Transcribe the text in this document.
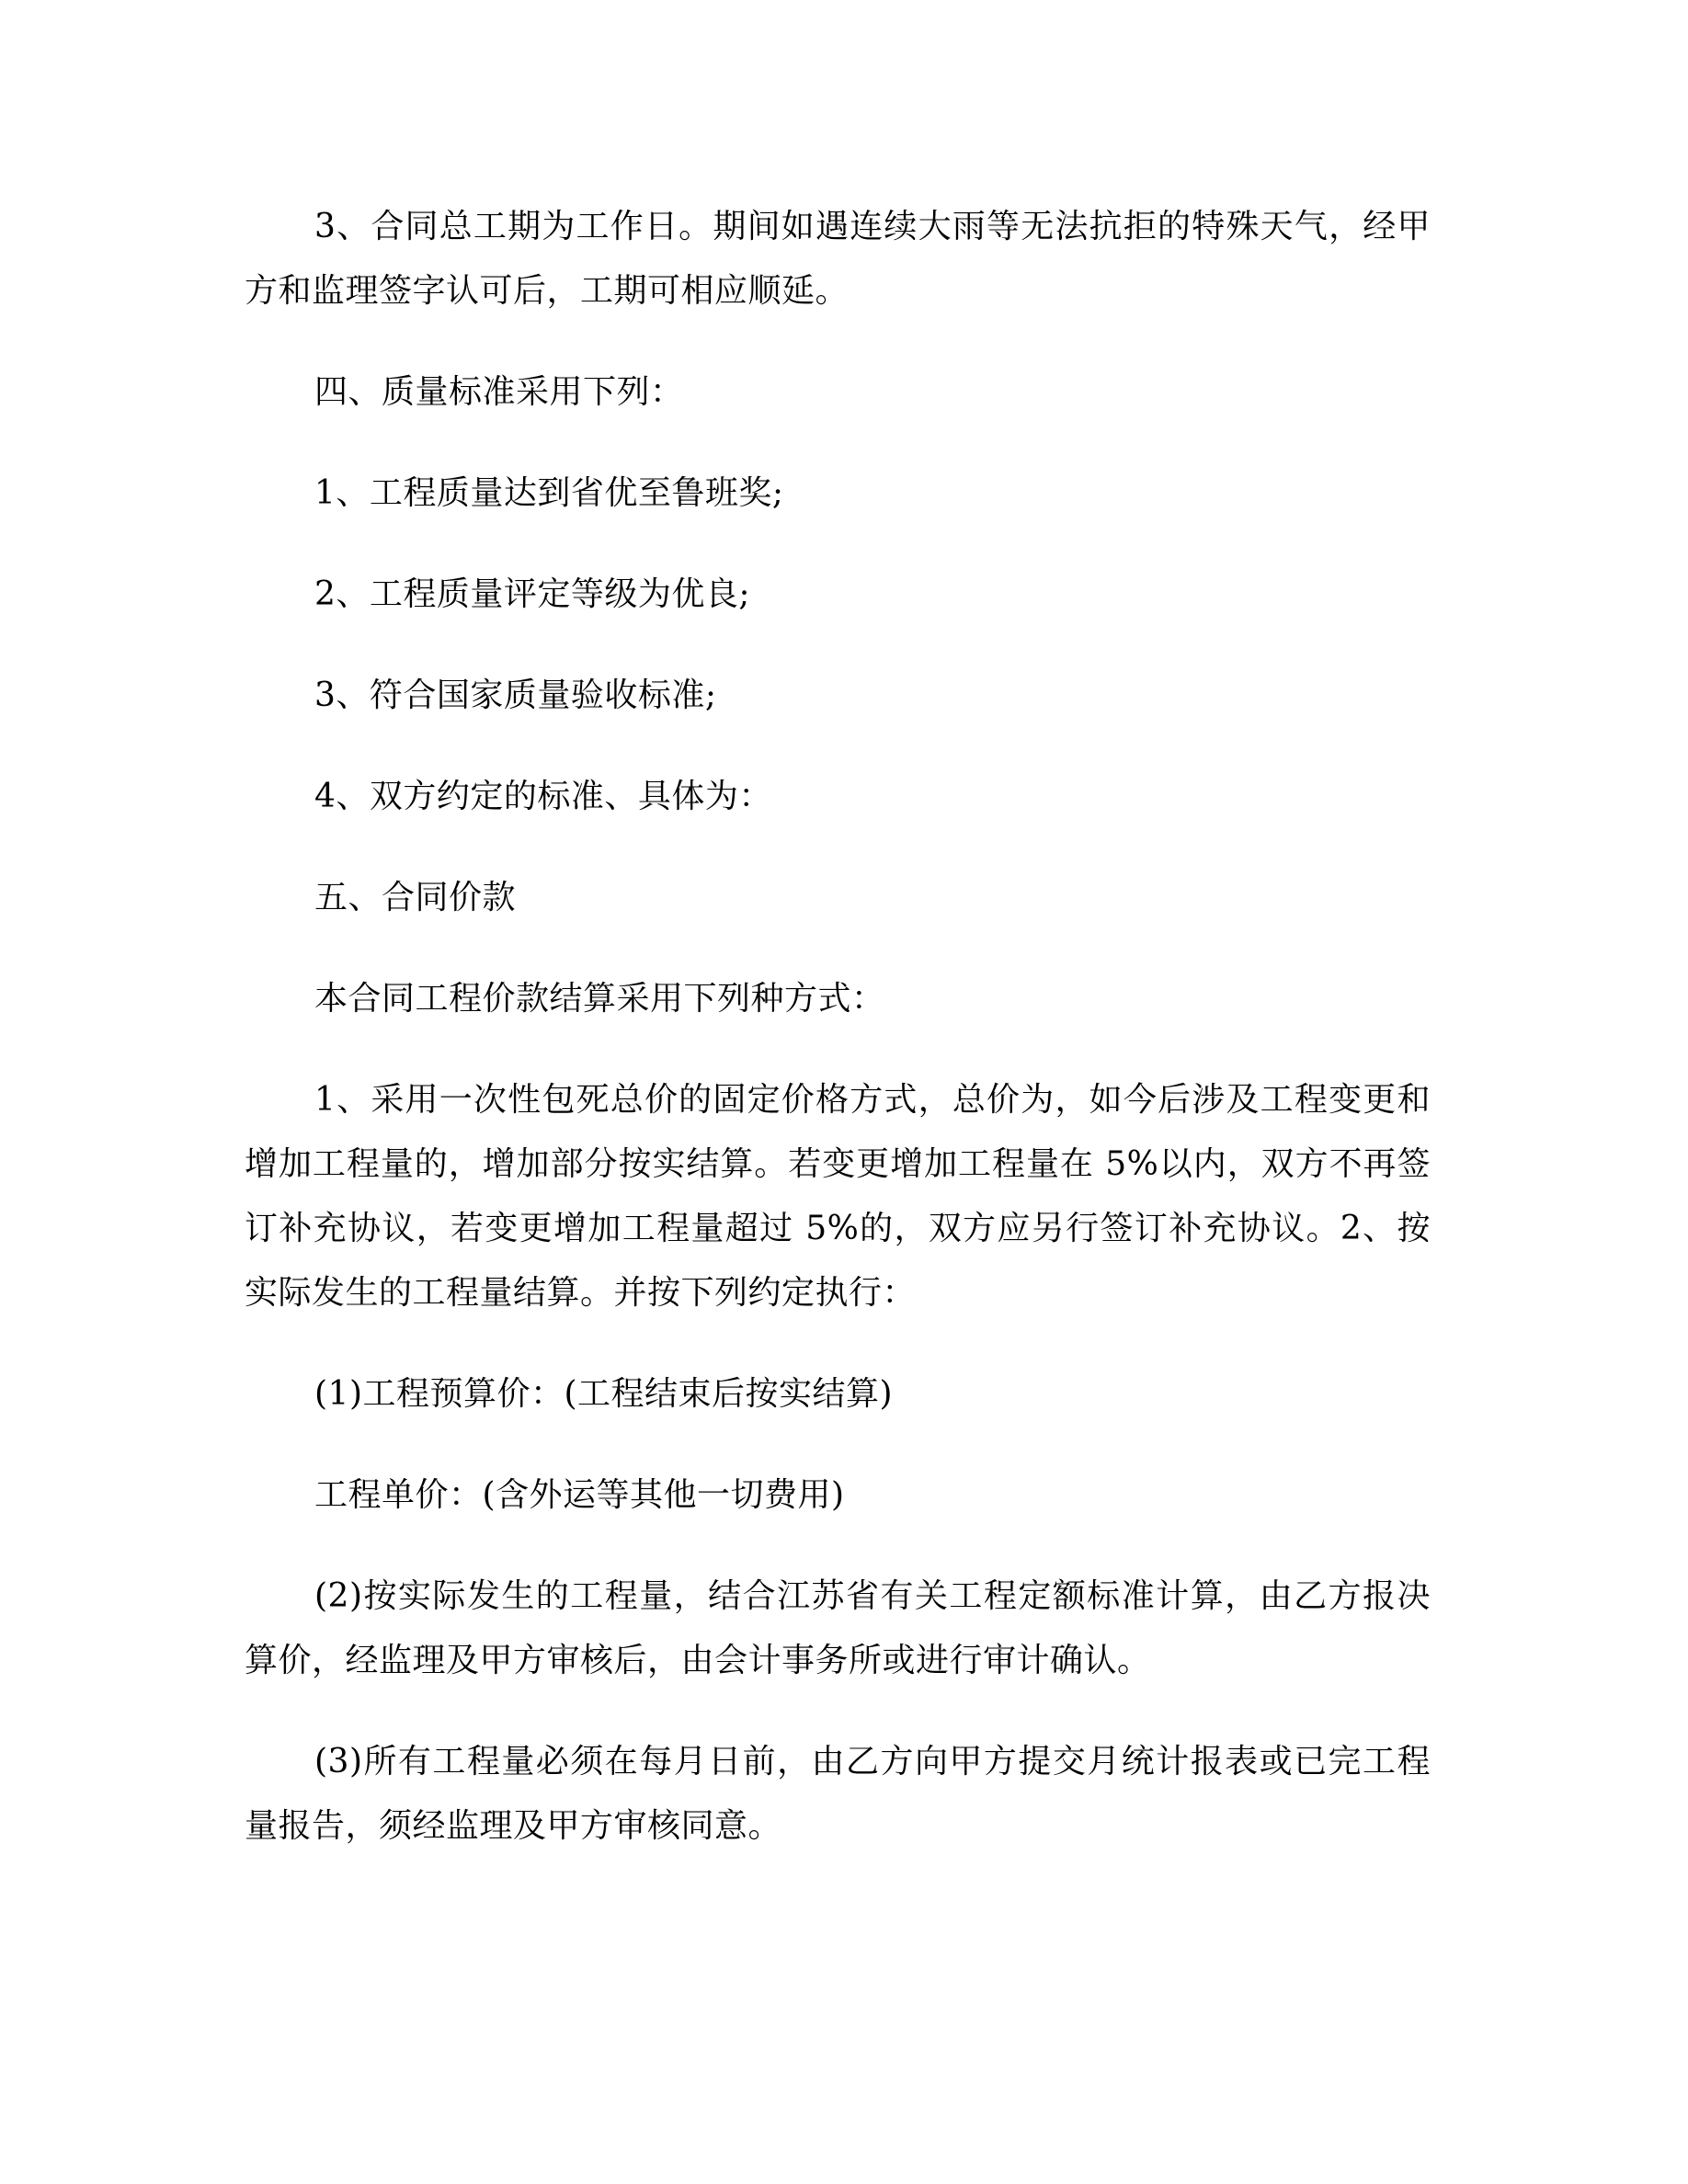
3、合同总工期为工作日。期间如遇连续大雨等无法抗拒的特殊天气，经甲方和监理签字认可后，工期可相应顺延。

四、质量标准采用下列：

1、工程质量达到省优至鲁班奖;

2、工程质量评定等级为优良;

3、符合国家质量验收标准;

4、双方约定的标准、具体为：

五、合同价款

本合同工程价款结算采用下列种方式：

1、采用一次性包死总价的固定价格方式，总价为，如今后涉及工程变更和增加工程量的，增加部分按实结算。若变更增加工程量在 5%以内，双方不再签订补充协议，若变更增加工程量超过 5%的，双方应另行签订补充协议。2、按实际发生的工程量结算。并按下列约定执行：

(1)工程预算价：(工程结束后按实结算)

工程单价：(含外运等其他一切费用)

(2)按实际发生的工程量，结合江苏省有关工程定额标准计算，由乙方报决算价，经监理及甲方审核后，由会计事务所或进行审计确认。

(3)所有工程量必须在每月日前，由乙方向甲方提交月统计报表或已完工程量报告，须经监理及甲方审核同意。
